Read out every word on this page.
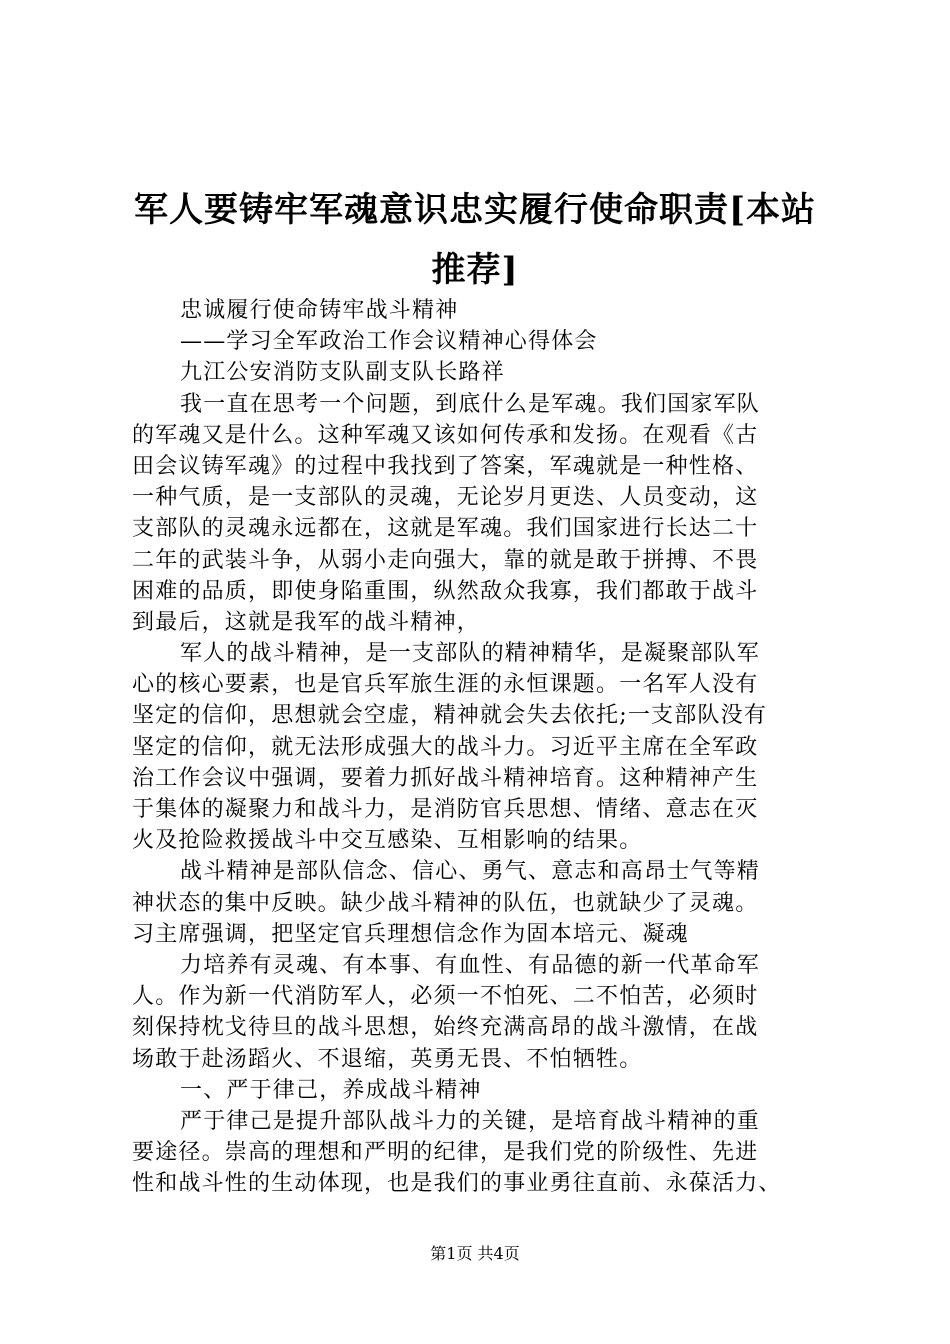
军人要铸牢军魂意识忠实履行使命职责[本站
推荐]
忠诚履行使命铸牢战斗精神
——学习全军政治工作会议精神心得体会
九江公安消防支队副支队长路祥
我一直在思考一个问题，到底什么是军魂。我们国家军队
的军魂又是什么。这种军魂又该如何传承和发扬。在观看《古
田会议铸军魂》的过程中我找到了答案，军魂就是一种性格、
一种气质，是一支部队的灵魂，无论岁月更迭、人员变动，这
支部队的灵魂永远都在，这就是军魂。我们国家进行长达二十
二年的武装斗争，从弱小走向强大，靠的就是敢于拼搏、不畏
困难的品质，即使身陷重围，纵然敌众我寡，我们都敢于战斗
到最后，这就是我军的战斗精神，
军人的战斗精神，是一支部队的精神精华，是凝聚部队军
心的核心要素，也是官兵军旅生涯的永恒课题。一名军人没有
坚定的信仰，思想就会空虚，精神就会失去依托;一支部队没有
坚定的信仰，就无法形成强大的战斗力。习近平主席在全军政
治工作会议中强调，要着力抓好战斗精神培育。这种精神产生
于集体的凝聚力和战斗力，是消防官兵思想、情绪、意志在灭
火及抢险救援战斗中交互感染、互相影响的结果。
战斗精神是部队信念、信心、勇气、意志和高昂士气等精
神状态的集中反映。缺少战斗精神的队伍，也就缺少了灵魂。
习主席强调，把坚定官兵理想信念作为固本培元、凝魂
力培养有灵魂、有本事、有血性、有品德的新一代革命军
人。作为新一代消防军人，必须一不怕死、二不怕苦，必须时
刻保持枕戈待旦的战斗思想，始终充满高昂的战斗激情，在战
场敢于赴汤蹈火、不退缩，英勇无畏、不怕牺牲。
一、严于律己，养成战斗精神
严于律己是提升部队战斗力的关键，是培育战斗精神的重
要途径。崇高的理想和严明的纪律，是我们党的阶级性、先进
性和战斗性的生动体现，也是我们的事业勇往直前、永葆活力、
第1页 共4页
